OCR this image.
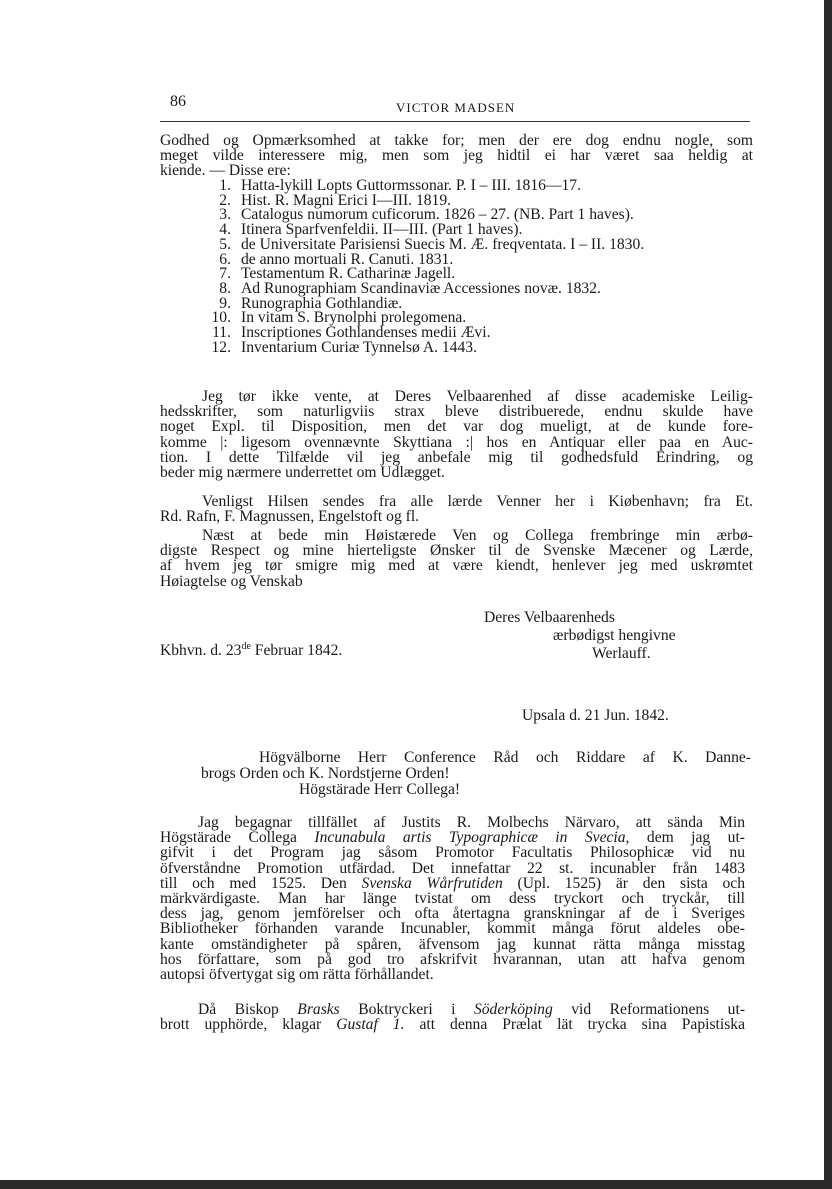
86	VICTOR MADSEN
Godhed og Opmærksomhed at takke for; men der ere dog endnu nogle, som
meget vilde interessere mig, men som jeg hidtil ei har været saa heldig at
kiende. — Disse ere:
1. Hatta-lykill Lopts Guttormssonar. P. I – III. 1816—17.
2. Hist. R. Magni Erici I—III. 1819.
3. Catalogus numorum cuficorum. 1826 – 27. (NB. Part 1 haves).
4. Itinera Sparfvenfeldii. II—III. (Part 1 haves).
5. de Universitate Parisiensi Suecis M. Æ. freqventata. I – II. 1830.
6. de anno mortuali R. Canuti. 1831.
7. Testamentum R. Catharinæ Jagell.
8. Ad Runographiam Scandinaviæ Accessiones novæ. 1832.
9. Runographia Gothlandiæ.
10. In vitam S. Brynolphi prolegomena.
11. Inscriptiones Gothlandenses medii Ævi.
12. Inventarium Curiæ Tynnelsø A. 1443.
Jeg tør ikke vente, at Deres Velbaarenhed af disse academiske Leilig-
hedsskrifter, som naturligviis strax bleve distribuerede, endnu skulde have
noget Expl. til Disposition, men det var dog mueligt, at de kunde fore-
komme |: ligesom ovennævnte Skyttiana :| hos en Antiquar eller paa en Auc-
tion. I dette Tilfælde vil jeg anbefale mig til godhedsfuld Erindring, og
beder mig nærmere underrettet om Udlægget.
Venligst Hilsen sendes fra alle lærde Venner her i Kiøbenhavn; fra Et.
Rd. Rafn, F. Magnussen, Engelstoft og fl.
Næst at bede min Høistærede Ven og Collega frembringe min ærbø-
digste Respect og mine hierteligste Ønsker til de Svenske Mæcener og Lærde,
af hvem jeg tør smigre mig med at være kiendt, henlever jeg med uskrømtet
Høiagtelse og Venskab
Deres Velbaarenheds
ærbødigst hengivne
Werlauff.
Kbhvn. d. 23de Februar 1842.
Upsala d. 21 Jun. 1842.
Högvälborne Herr Conference Råd och Riddare af K. Danne-
brogs Orden och K. Nordstjerne Orden!
Högstärade Herr Collega!
Jag begagnar tillfället af Justits R. Molbechs Närvaro, att sända Min
Högstärade Collega Incunabula artis Typographicæ in Svecia, dem jag ut-
gifvit i det Program jag såsom Promotor Facultatis Philosophicæ vid nu
öfverståndne Promotion utfärdad. Det innefattar 22 st. incunabler från 1483
till och med 1525. Den Svenska Wårfrutiden (Upl. 1525) är den sista och
märkvärdigaste. Man har länge tvistat om dess tryckort och tryckår, till
dess jag, genom jemförelser och ofta återtagna granskningar af de i Sveriges
Bibliotheker förhanden varande Incunabler, kommit många förut aldeles obe-
kante omständigheter på spåren, äfvensom jag kunnat rätta många misstag
hos författare, som på god tro afskrifvit hvarannan, utan att hafva genom
autopsi öfvertygat sig om rätta förhållandet.
Då Biskop Brasks Boktryckeri i Söderköping vid Reformationens ut-
brott upphörde, klagar Gustaf 1. att denna Prælat lät trycka sina Papistiska
